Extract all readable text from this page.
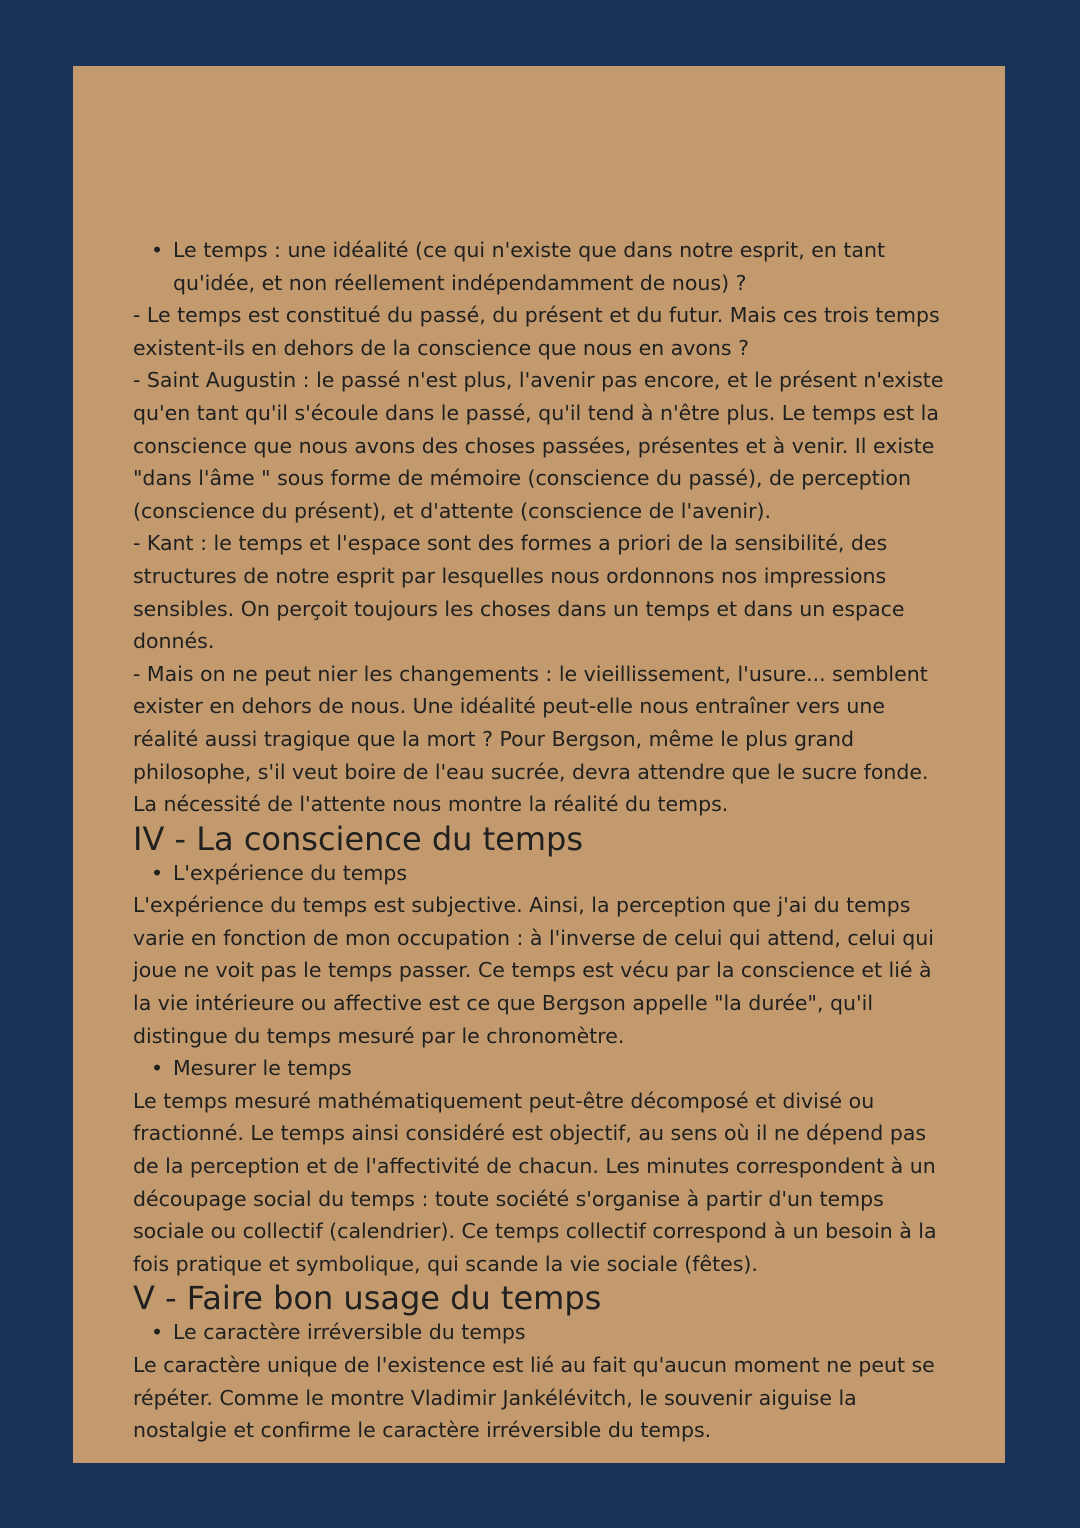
• Le temps : une idéalité (ce qui n'existe que dans notre esprit, en tant qu'idée, et non réellement indépendamment de nous) ?

- Le temps est constitué du passé, du présent et du futur. Mais ces trois temps existent-ils en dehors de la conscience que nous en avons ?

- Saint Augustin : le passé n'est plus, l'avenir pas encore, et le présent n'existe qu'en tant qu'il s'écoule dans le passé, qu'il tend à n'être plus. Le temps est la conscience que nous avons des choses passées, présentes et à venir. Il existe "dans l'âme " sous forme de mémoire (conscience du passé), de perception (conscience du présent), et d'attente (conscience de l'avenir).

- Kant : le temps et l'espace sont des formes a priori de la sensibilité, des structures de notre esprit par lesquelles nous ordonnons nos impressions sensibles. On perçoit toujours les choses dans un temps et dans un espace donnés.

- Mais on ne peut nier les changements : le vieillissement, l'usure... semblent exister en dehors de nous. Une idéalité peut-elle nous entraîner vers une réalité aussi tragique que la mort ? Pour Bergson, même le plus grand philosophe, s'il veut boire de l'eau sucrée, devra attendre que le sucre fonde. La nécessité de l'attente nous montre la réalité du temps.

IV - La conscience du temps
• L'expérience du temps

L'expérience du temps est subjective. Ainsi, la perception que j'ai du temps varie en fonction de mon occupation : à l'inverse de celui qui attend, celui qui joue ne voit pas le temps passer. Ce temps est vécu par la conscience et lié à la vie intérieure ou affective est ce que Bergson appelle "la durée", qu'il distingue du temps mesuré par le chronomètre.

• Mesurer le temps

Le temps mesuré mathématiquement peut-être décomposé et divisé ou fractionné. Le temps ainsi considéré est objectif, au sens où il ne dépend pas de la perception et de l'affectivité de chacun. Les minutes correspondent à un découpage social du temps : toute société s'organise à partir d'un temps sociale ou collectif (calendrier). Ce temps collectif correspond à un besoin à la fois pratique et symbolique, qui scande la vie sociale (fêtes).

V - Faire bon usage du temps
• Le caractère irréversible du temps

Le caractère unique de l'existence est lié au fait qu'aucun moment ne peut se répéter. Comme le montre Vladimir Jankélévitch, le souvenir aiguise la nostalgie et confirme le caractère irréversible du temps.
